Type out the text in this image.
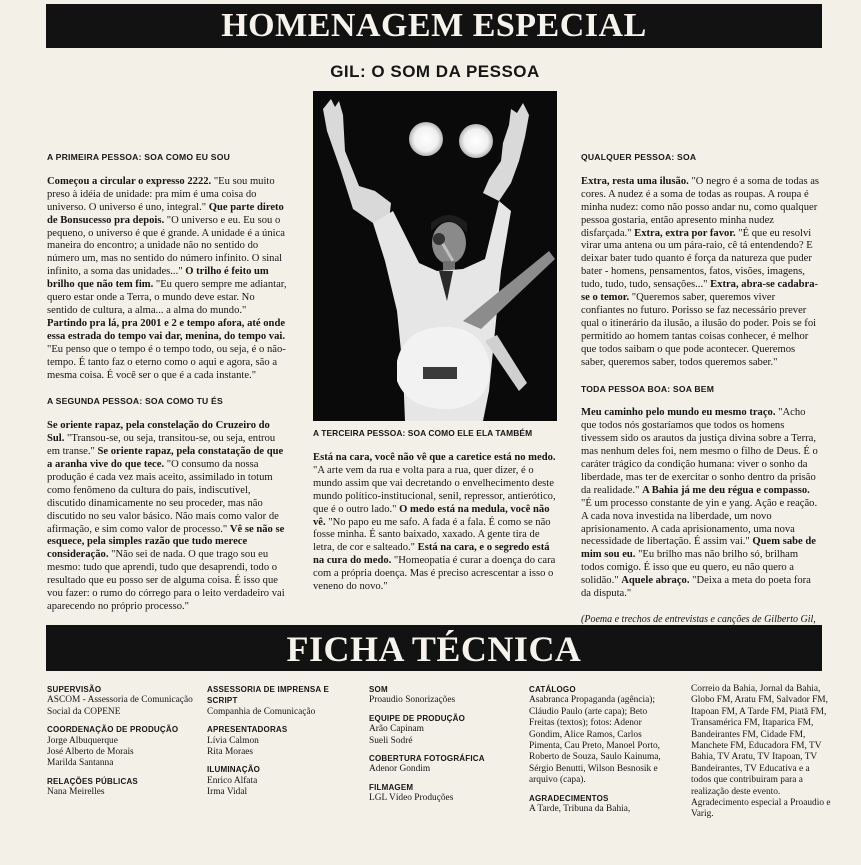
HOMENAGEM ESPECIAL
A PRIMEIRA PESSOA: SOA COMO EU SOU
Começou a circular o expresso 2222. "Eu sou muito preso à idéia de unidade: pra mim é uma coisa do universo. O universo é uno, integral." Que parte direto de Bonsucesso pra depois. "O universo e eu. Eu sou o pequeno, o universo é que é grande. A unidade é a única maneira do encontro; a unidade não no sentido do número um, mas no sentido do número infinito. O sinal infinito, a soma das unidades..." O trilho é feito um brilho que não tem fim. "Eu quero sempre me adiantar, quero estar onde a Terra, o mundo deve estar. No sentido de cultura, a alma... a alma do mundo." Partindo pra lá, pra 2001 e 2 e tempo afora, até onde essa estrada do tempo vai dar, menina, do tempo vai. "Eu penso que o tempo é o tempo todo, ou seja, é o não-tempo. É tanto faz o eterno como o aqui e agora, são a mesma coisa. É você ser o que é a cada instante."
A SEGUNDA PESSOA: SOA COMO TU ÉS
Se oriente rapaz, pela constelação do Cruzeiro do Sul. "Transou-se, ou seja, transitou-se, ou seja, entrou em transe." Se oriente rapaz, pela constatação de que a aranha vive do que tece. "O consumo da nossa produção é cada vez mais aceito, assimilado in totum como fenômeno da cultura do país, indiscutível, discutido dinamicamente no seu proceder, mas não discutido no seu valor básico. Não mais como valor de afirmação, e sim como valor de processo." Vê se não se esquece, pela simples razão que tudo merece consideração. "Não sei de nada. O que trago sou eu mesmo: tudo que aprendi, tudo que desaprendi, todo o resultado que eu posso ser de alguma coisa. É isso que vou fazer: o rumo do córrego para o leito verdadeiro vai aparecendo no próprio processo."
GIL: O SOM DA PESSOA
A TERCEIRA PESSOA: SOA COMO ELE ELA TAMBÉM
Está na cara, você não vê que a caretice está no medo. "A arte vem da rua e volta para a rua, quer dizer, é o mundo assim que vai decretando o envelhecimento deste mundo político-institucional, senil, repressor, antierótico, que é o outro lado." O medo está na medula, você não vê. "No papo eu me safo. A fada é a fala. É como se não fosse minha. É santo baixado, xaxado. A gente tira de letra, de cor e salteado." Está na cara, e o segredo está na cura do medo. "Homeopatia é curar a doença do cara com a própria doença. Mas é preciso acrescentar a isso o veneno do novo."
QUALQUER PESSOA: SOA
Extra, resta uma ilusão. "O negro é a soma de todas as cores. A nudez é a soma de todas as roupas. A roupa é minha nudez: como não posso andar nu, como qualquer pessoa gostaria, então apresento minha nudez disfarçada." Extra, extra por favor. "É que eu resolvi virar uma antena ou um pára-raio, cê tá entendendo? E deixar bater tudo quanto é força da natureza que puder bater - homens, pensamentos, fatos, visões, imagens, tudo, tudo, tudo, sensações..." Extra, abra-se cadabra-se o temor. "Queremos saber, queremos viver confiantes no futuro. Porisso se faz necessário prever qual o itinerário da ilusão, a ilusão do poder. Pois se foi permitido ao homem tantas coisas conhecer, é melhor que todos saibam o que pode acontecer. Queremos saber, queremos saber, todos queremos saber."
TODA PESSOA BOA: SOA BEM
Meu caminho pelo mundo eu mesmo traço. "Acho que todos nós gostaríamos que todos os homens tivessem sido os arautos da justiça divina sobre a Terra, mas nenhum deles foi, nem mesmo o filho de Deus. É o caráter trágico da condição humana: viver o sonho da liberdade, mas ter de exercitar o sonho dentro da prisão da realidade." A Bahia já me deu régua e compasso. "É um processo constante de yin e yang. Ação e reação. A cada nova investida na liberdade, um novo aprisionamento. A cada aprisionamento, uma nova necessidade de libertação. É assim vai." Quem sabe de mim sou eu. "Eu brilho mas não brilho só, brilham todos comigo. É isso que eu quero, eu não quero a solidão." Aquele abraço. "Deixa a meta do poeta fora da disputa."
(Poema e trechos de entrevistas e canções de Gilberto Gil,
FICHA TÉCNICA
SUPERVISÃO
ASCOM - Assessoria de Comunicação Social da COPENE
COORDENAÇÃO DE PRODUÇÃO
Jorge Albuquerque
José Alberto de Morais
Marilda Santanna
RELAÇÕES PÚBLICAS
Nana Meirelles
ASSESSORIA DE IMPRENSA E SCRIPT
Companhia de Comunicação
APRESENTADORAS
Lívia Calmon
Rita Moraes
ILUMINAÇÃO
Enrico Alfata
Irma Vidal
SOM
Proaudio Sonorizações
EQUIPE DE PRODUÇÃO
Arão Capinam
Sueli Sodré
COBERTURA FOTOGRÁFICA
Adenor Gondim
FILMAGEM
LGL Vídeo Produções
CATÁLOGO
Asabranca Propaganda (agência); Cláudio Paulo (arte capa); Beto Freitas (textos); fotos: Adenor Gondim, Alice Ramos, Carlos Pimenta, Cau Preto, Manoel Porto, Roberto de Souza, Saulo Kainuma, Sérgio Benutti, Wilson Besnosik e arquivo (capa).
AGRADECIMENTOS
A Tarde, Tribuna da Bahia,
Correio da Bahia, Jornal da Bahia, Globo FM, Aratu FM, Salvador FM, Itapoan FM, A Tarde FM, Piatã FM, Transamérica FM, Itaparica FM, Bandeirantes FM, Cidade FM, Manchete FM, Educadora FM, TV Bahia, TV Aratu, TV Itapoan, TV Bandeirantes, TV Educativa e a todos que contribuiram para a realização deste evento. Agradecimento especial a Proaudio e Varig.
